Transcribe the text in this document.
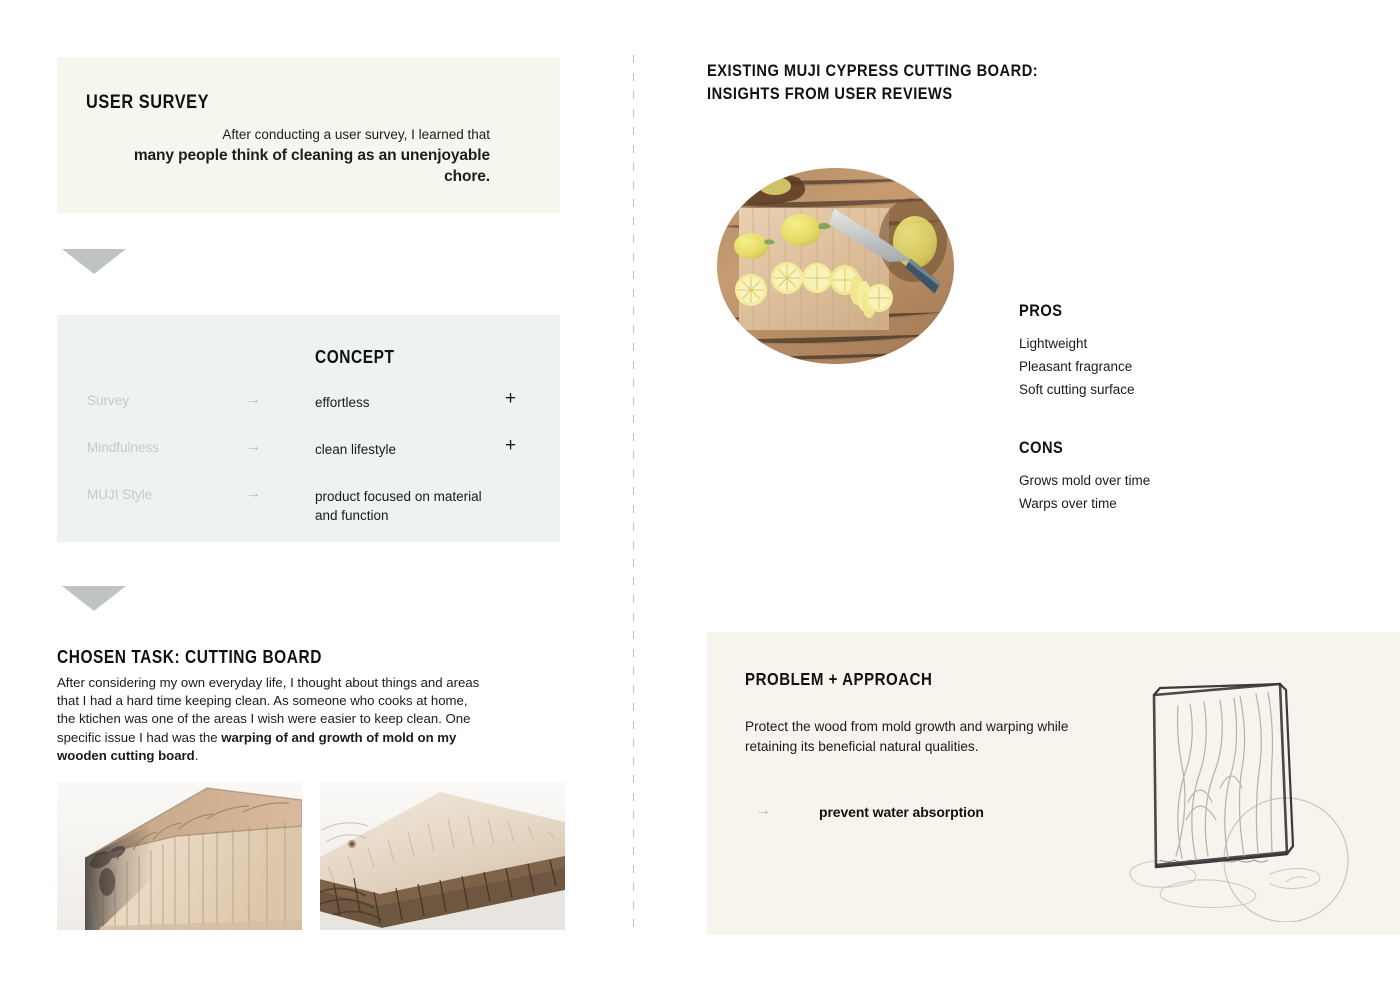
USER SURVEY
After conducting a user survey, I learned that
many people think of cleaning as an unenjoyable chore.
CONCEPT
Survey	→	effortless	+
Mindfulness	→	clean lifestyle	+
MUJI Style	→	product focused on material and function
CHOSEN TASK: CUTTING BOARD
After considering my own everyday life, I thought about things and areas that I had a hard time keeping clean. As someone who cooks at home, the ktichen was one of the areas I wish were easier to keep clean. One specific issue I had was the warping of and growth of mold on my wooden cutting board.
EXISTING MUJI CYPRESS CUTTING BOARD:
INSIGHTS FROM USER REVIEWS
PROS
Lightweight
Pleasant fragrance
Soft cutting surface
CONS
Grows mold over time
Warps over time
PROBLEM + APPROACH
Protect the wood from mold growth and warping while retaining its beneficial natural qualities.
→	prevent water absorption
